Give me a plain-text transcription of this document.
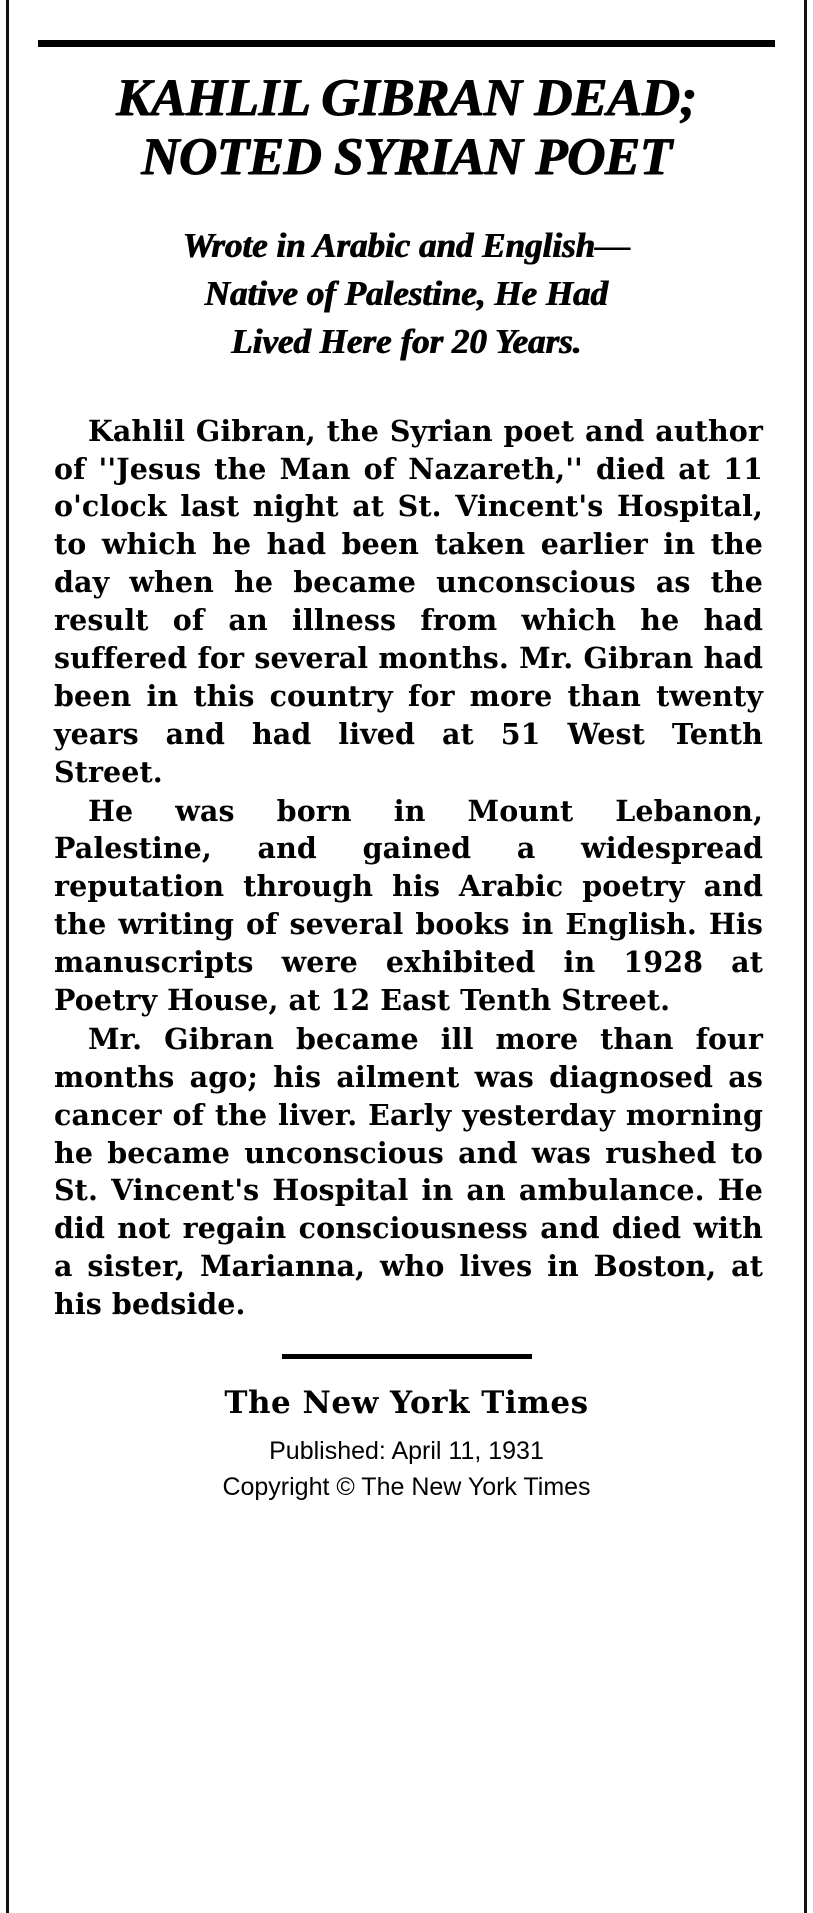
KAHLIL GIBRAN DEAD;
NOTED SYRIAN POET
Wrote in Arabic and English—
Native of Palestine, He Had
Lived Here for 20 Years.

Kahlil Gibran, the Syrian poet and author of ''Jesus the Man of Nazareth,'' died at 11 o'clock last night at St. Vincent's Hospital, to which he had been taken earlier in the day when he became unconscious as the result of an illness from which he had suffered for several months. Mr. Gibran had been in this country for more than twenty years and had lived at 51 West Tenth Street.

He was born in Mount Lebanon, Palestine, and gained a widespread reputation through his Arabic poetry and the writing of several books in English. His manuscripts were exhibited in 1928 at Poetry House, at 12 East Tenth Street.

Mr. Gibran became ill more than four months ago; his ailment was diagnosed as cancer of the liver. Early yesterday morning he became unconscious and was rushed to St. Vincent's Hospital in an ambulance. He did not regain consciousness and died with a sister, Marianna, who lives in Boston, at his bedside.

The New York Times
Published: April 11, 1931
Copyright © The New York Times
